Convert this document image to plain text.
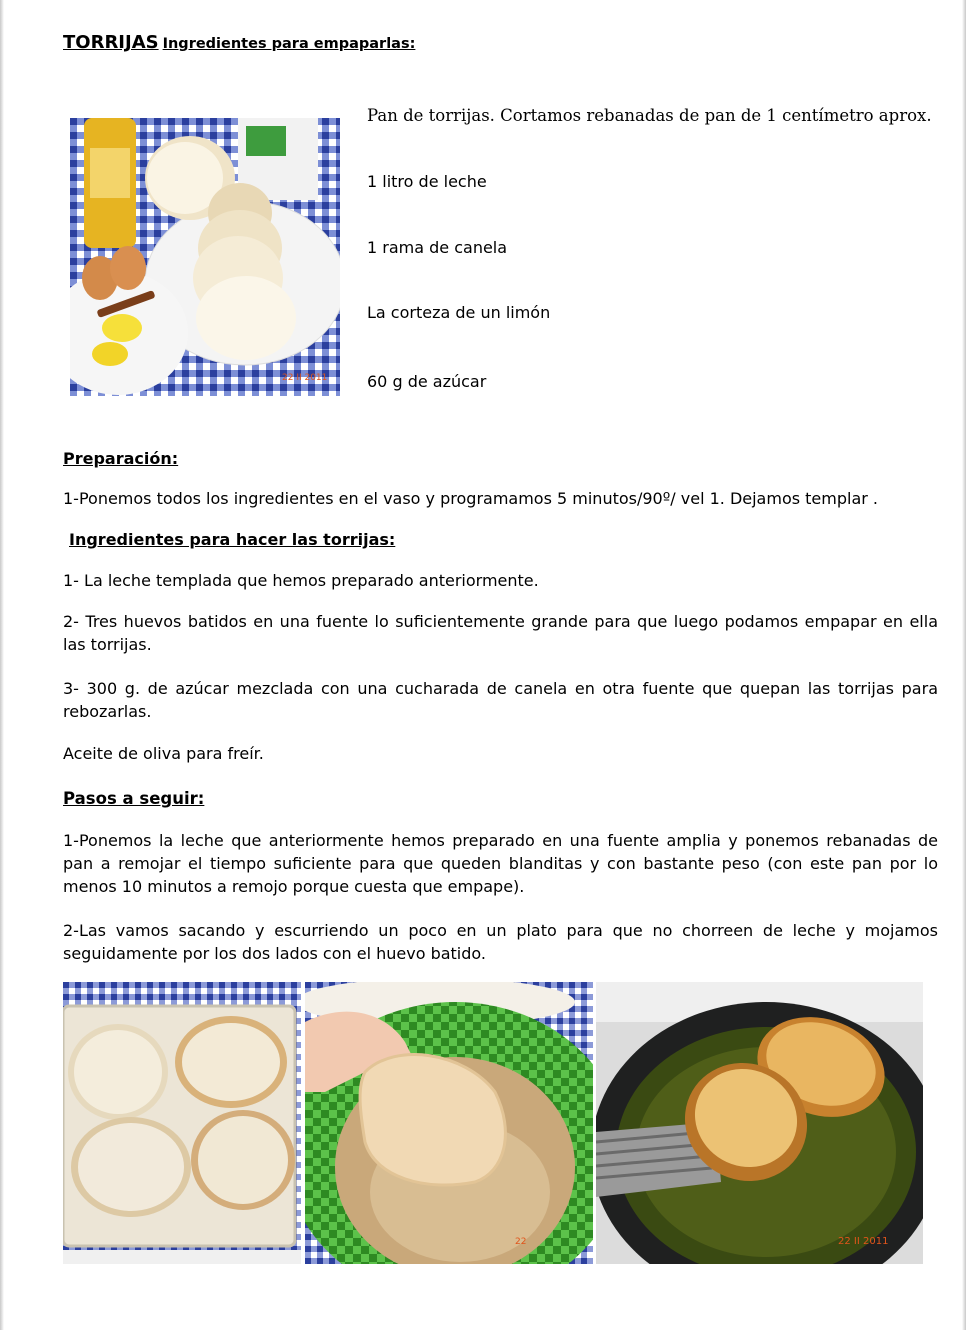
TORRIJAS Ingredientes para empaparlas:
22 II 2011
Pan de torrijas. Cortamos rebanadas de pan de 1 centímetro aprox.
1 litro de leche
1 rama de canela
La corteza de un limón
60 g de azúcar
Preparación:
1-Ponemos todos los ingredientes en el vaso y programamos 5 minutos/90º/ vel 1. Dejamos templar .
Ingredientes para hacer las torrijas:
1- La leche templada que hemos preparado anteriormente.
2- Tres huevos batidos en una fuente lo suficientemente grande para que luego podamos empapar en ella las torrijas.
3- 300 g. de azúcar mezclada con una cucharada de canela en otra fuente que quepan las torrijas para rebozarlas.
Aceite de oliva para freír.
Pasos a seguir:
1-Ponemos la leche que anteriormente hemos preparado en una fuente amplia y ponemos rebanadas de pan a remojar el tiempo suficiente para que queden blanditas y con bastante peso (con este pan por lo menos 10 minutos a remojo porque cuesta que empape).
2-Las vamos sacando y escurriendo un poco en un plato para que no chorreen de leche y mojamos seguidamente por los dos lados con el huevo batido.
22	22 II 2011
